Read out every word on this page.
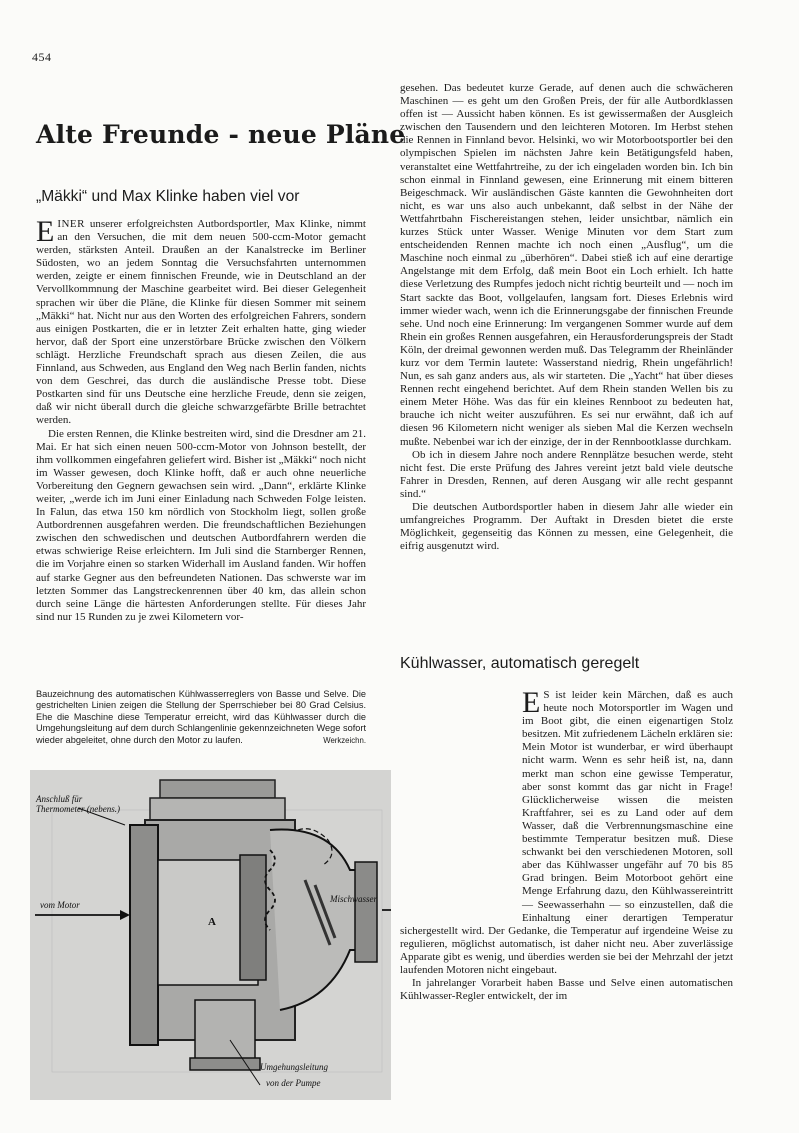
454
Alte Freunde - neue Pläne
„Mäkki“ und Max Klinke haben viel vor

EINER unserer erfolgreichsten Autbordsportler, Max Klinke, nimmt an den Versuchen, die mit dem neuen 500-ccm-Motor gemacht werden, stärksten Anteil. Draußen an der Kanalstrecke im Berliner Südosten, wo an jedem Sonntag die Versuchsfahrten unternommen werden, zeigte er einem finnischen Freunde, wie in Deutschland an der Vervollkommnung der Maschine gearbeitet wird. Bei dieser Gelegenheit sprachen wir über die Pläne, die Klinke für diesen Sommer mit seinem „Mäkki“ hat. Nicht nur aus den Worten des erfolgreichen Fahrers, sondern aus einigen Postkarten, die er in letzter Zeit erhalten hatte, ging wieder hervor, daß der Sport eine unzerstörbare Brücke zwischen den Völkern schlägt. Herzliche Freundschaft sprach aus diesen Zeilen, die aus Finnland, aus Schweden, aus England den Weg nach Berlin fanden, nichts von dem Geschrei, das durch die ausländische Presse tobt. Diese Postkarten sind für uns Deutsche eine herzliche Freude, denn sie zeigen, daß wir nicht überall durch die gleiche schwarzgefärbte Brille betrachtet werden.

Die ersten Rennen, die Klinke bestreiten wird, sind die Dresdner am 21. Mai. Er hat sich einen neuen 500-ccm-Motor von Johnson bestellt, der ihm vollkommen eingefahren geliefert wird. Bisher ist „Mäkki“ noch nicht im Wasser gewesen, doch Klinke hofft, daß er auch ohne neuerliche Vorbereitung den Gegnern gewachsen sein wird. „Dann“, erklärte Klinke weiter, „werde ich im Juni einer Einladung nach Schweden Folge leisten. In Falun, das etwa 150 km nördlich von Stockholm liegt, sollen große Autbordrennen ausgefahren werden. Die freundschaftlichen Beziehungen zwischen den schwedischen und deutschen Autbordfahrern werden die etwas schwierige Reise erleichtern. Im Juli sind die Starnberger Rennen, die im Vorjahre einen so starken Widerhall im Ausland fanden. Wir hoffen auf starke Gegner aus den befreundeten Nationen. Das schwerste war im letzten Sommer das Langstreckenrennen über 40 km, das allein schon durch seine Länge die härtesten Anforderungen stellte. Für dieses Jahr sind nur 15 Runden zu je zwei Kilometern vor-

gesehen. Das bedeutet kurze Gerade, auf denen auch die schwächeren Maschinen — es geht um den Großen Preis, der für alle Autbordklassen offen ist — Aussicht haben können. Es ist gewissermaßen der Ausgleich zwischen den Tausendern und den leichteren Motoren. Im Herbst stehen die Rennen in Finnland bevor. Helsinki, wo wir Motorbootsportler bei den olympischen Spielen im nächsten Jahre kein Betätigungsfeld haben, veranstaltet eine Wettfahrtreihe, zu der ich eingeladen worden bin. Ich bin schon einmal in Finnland gewesen, eine Erinnerung mit einem bitteren Beigeschmack. Wir ausländischen Gäste kannten die Gewohnheiten dort nicht, es war uns also auch unbekannt, daß selbst in der Nähe der Wettfahrtbahn Fischereistangen stehen, leider unsichtbar, nämlich ein kurzes Stück unter Wasser. Wenige Minuten vor dem Start zum entscheidenden Rennen machte ich noch einen „Ausflug“, um die Maschine noch einmal zu „überhören“. Dabei stieß ich auf eine derartige Angelstange mit dem Erfolg, daß mein Boot ein Loch erhielt. Ich hatte diese Verletzung des Rumpfes jedoch nicht richtig beurteilt und — noch im Start sackte das Boot, vollgelaufen, langsam fort. Dieses Erlebnis wird immer wieder wach, wenn ich die Erinnerungsgabe der finnischen Freunde sehe. Und noch eine Erinnerung: Im vergangenen Sommer wurde auf dem Rhein ein großes Rennen ausgefahren, ein Herausforderungspreis der Stadt Köln, der dreimal gewonnen werden muß. Das Telegramm der Rheinländer kurz vor dem Termin lautete: Wasserstand niedrig, Rhein ungefährlich! Nun, es sah ganz anders aus, als wir starteten. Die „Yacht“ hat über dieses Rennen recht eingehend berichtet. Auf dem Rhein standen Wellen bis zu einem Meter Höhe. Was das für ein kleines Rennboot zu bedeuten hat, brauche ich nicht weiter auszuführen. Es sei nur erwähnt, daß ich auf diesen 96 Kilometern nicht weniger als sieben Mal die Kerzen wechseln mußte. Nebenbei war ich der einzige, der in der Rennbootklasse durchkam.

Ob ich in diesem Jahre noch andere Rennplätze besuchen werde, steht nicht fest. Die erste Prüfung des Jahres vereint jetzt bald viele deutsche Fahrer in Dresden, Rennen, auf deren Ausgang wir alle recht gespannt sind.“

Die deutschen Autbordsportler haben in diesem Jahr alle wieder ein umfangreiches Programm. Der Auftakt in Dresden bietet die erste Möglichkeit, gegenseitig das Können zu messen, eine Gelegenheit, die eifrig ausgenutzt wird.

Kühlwasser, automatisch geregelt

E S ist leider kein Märchen, daß es auch heute noch Motorsportler im Wagen und im Boot gibt, die einen eigenartigen Stolz besitzen. Mit zufriedenem Lächeln erklären sie: Mein Motor ist wunderbar, er wird überhaupt nicht warm. Wenn es sehr heiß ist, na, dann merkt man schon eine gewisse Temperatur, aber sonst kommt das gar nicht in Frage! Glücklicherweise wissen die meisten Kraftfahrer, sei es zu Land oder auf dem Wasser, daß die Verbrennungsmaschine eine bestimmte Temperatur besitzen muß. Diese schwankt bei den verschiedenen Motoren, soll aber das Kühlwasser ungefähr auf 70 bis 85 Grad bringen. Beim Motorboot gehört eine Menge Erfahrung dazu, den Kühlwassereintritt — Seewasserhahn — so einzustellen, daß die Einhaltung einer derartigen Temperatur sichergestellt wird. Der Gedanke, die Temperatur auf irgendeine Weise zu regulieren, möglichst automatisch, ist daher nicht neu. Aber zuverlässige Apparate gibt es wenig, und überdies werden sie bei der Mehrzahl der jetzt laufenden Motoren nicht eingebaut.

In jahrelanger Vorarbeit haben Basse und Selve einen automatischen Kühlwasser-Regler entwickelt, der im

Bauzeichnung des automatischen Kühlwasserreglers von Basse und Selve. Die gestrichelten Linien zeigen die Stellung der Sperrschieber bei 80 Grad Celsius. Ehe die Maschine diese Temperatur erreicht, wird das Kühlwasser durch die Umgehungsleitung auf dem durch Schlangenlinie gekennzeichneten Wege sofort wieder abgeleitet, ohne durch den Motor zu laufen.	Werkzeichn.
Anschluß für
Thermometer (nebens.)
vom Motor
Mischwasser
Umgehungsleitung
von der Pumpe
A
